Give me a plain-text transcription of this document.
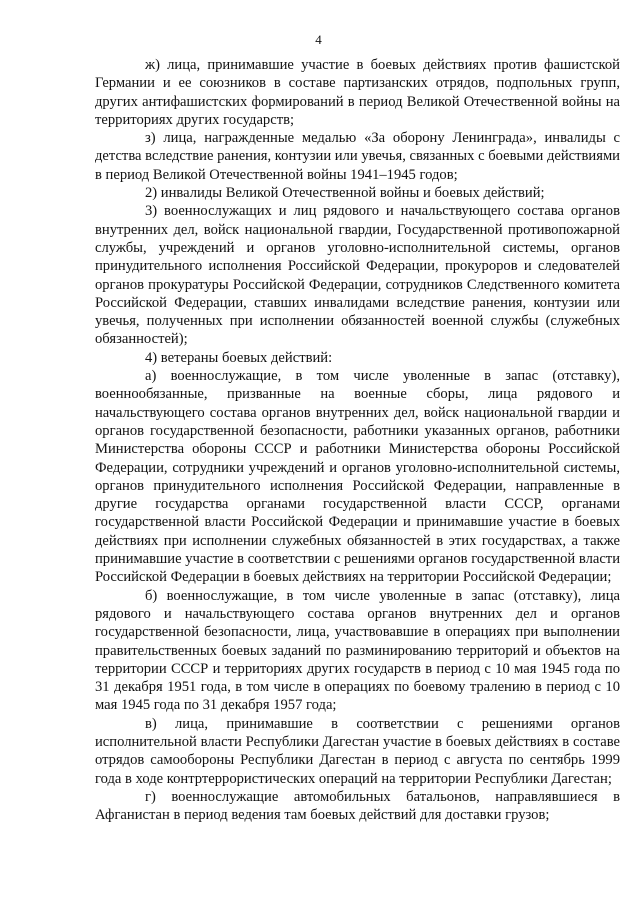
4

ж) лица, принимавшие участие в боевых действиях против фашистской Германии и ее союзников в составе партизанских отрядов, подпольных групп, других антифашистских формирований в период Великой Отечественной войны на территориях других государств;

з) лица, награжденные медалью «За оборону Ленинграда», инвалиды с детства вследствие ранения, контузии или увечья, связанных с боевыми действиями в период Великой Отечественной войны 1941–1945 годов;

2) инвалиды Великой Отечественной войны и боевых действий;

3) военнослужащих и лиц рядового и начальствующего состава органов внутренних дел, войск национальной гвардии, Государственной противопожарной службы, учреждений и органов уголовно-исполнительной системы, органов принудительного исполнения Российской Федерации, прокуроров и следователей органов прокуратуры Российской Федерации, сотрудников Следственного комитета Российской Федерации, ставших инвалидами вследствие ранения, контузии или увечья, полученных при исполнении обязанностей военной службы (служебных обязанностей);

4) ветераны боевых действий:

а) военнослужащие, в том числе уволенные в запас (отставку), военнообязанные, призванные на военные сборы, лица рядового и начальствующего состава органов внутренних дел, войск национальной гвардии и органов государственной безопасности, работники указанных органов, работники Министерства обороны СССР и работники Министерства обороны Российской Федерации, сотрудники учреждений и органов уголовно-исполнительной системы, органов принудительного исполнения Российской Федерации, направленные в другие государства органами государственной власти СССР, органами государственной власти Российской Федерации и принимавшие участие в боевых действиях при исполнении служебных обязанностей в этих государствах, а также принимавшие участие в соответствии с решениями органов государственной власти Российской Федерации в боевых действиях на территории Российской Федерации;

б) военнослужащие, в том числе уволенные в запас (отставку), лица рядового и начальствующего состава органов внутренних дел и органов государственной безопасности, лица, участвовавшие в операциях при выполнении правительственных боевых заданий по разминированию территорий и объектов на территории СССР и территориях других государств в период с 10 мая 1945 года по 31 декабря 1951 года, в том числе в операциях по боевому тралению в период с 10 мая 1945 года по 31 декабря 1957 года;

в) лица, принимавшие в соответствии с решениями органов исполнительной власти Республики Дагестан участие в боевых действиях в составе отрядов самообороны Республики Дагестан в период с августа по сентябрь 1999 года в ходе контртеррористических операций на территории Республики Дагестан;

г) военнослужащие автомобильных батальонов, направлявшиеся в Афганистан в период ведения там боевых действий для доставки грузов;
